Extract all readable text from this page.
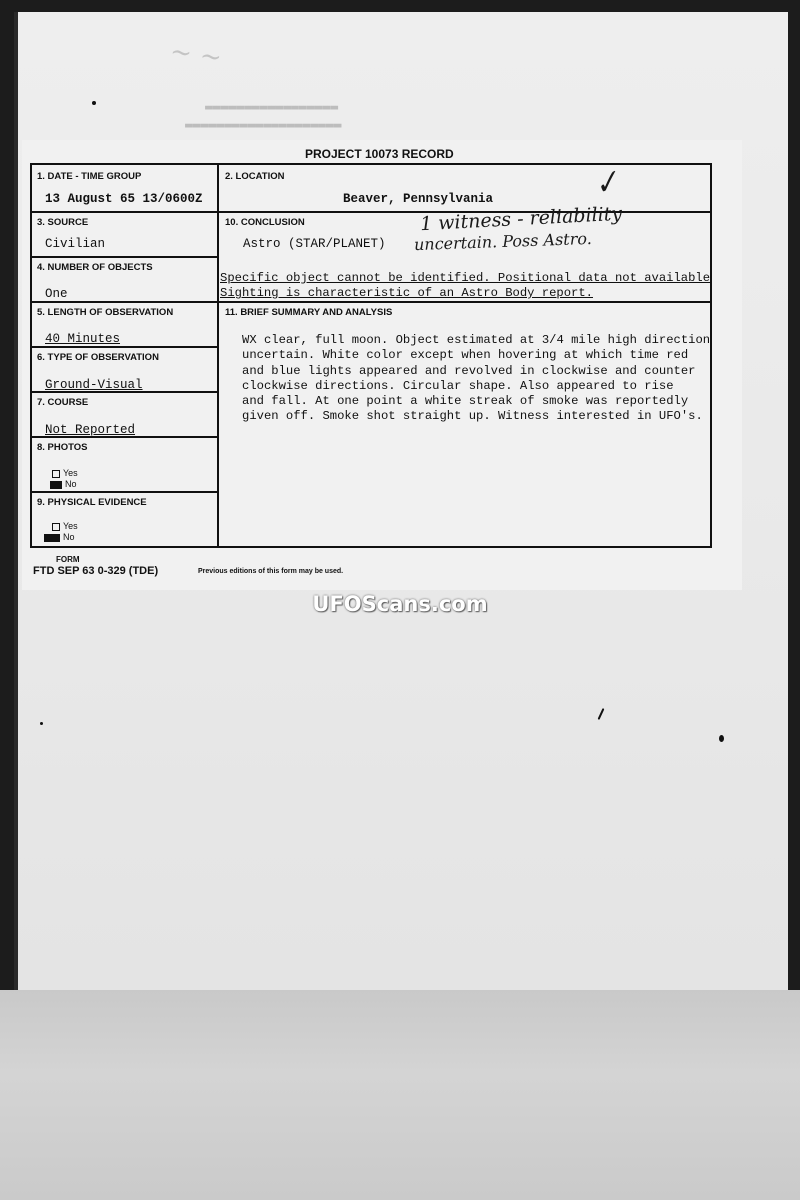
~ ~
▬▬▬▬▬▬▬▬▬▬▬▬▬▬▬▬▬
▬▬▬▬▬▬▬▬▬▬▬▬▬▬▬▬▬▬▬▬
PROJECT 10073 RECORD
1. DATE - TIME GROUP
13 August 65 13/0600Z
2. LOCATION
Beaver, Pennsylvania
3. SOURCE
Civilian
10. CONCLUSION
Astro (STAR/PLANET)
Specific object cannot be identified. Positional data not available
Sighting is characteristic of an Astro Body report.
4. NUMBER OF OBJECTS
One
5. LENGTH OF OBSERVATION
40 Minutes
11. BRIEF SUMMARY AND ANALYSIS
6. TYPE OF OBSERVATION
Ground-Visual
7. COURSE
Not Reported
8. PHOTOS
Yes
No
9. PHYSICAL EVIDENCE
Yes
No
WX clear, full moon. Object estimated at 3/4 mile high direction
uncertain. White color except when hovering at which time red
and blue lights appeared and revolved in clockwise and counter
clockwise directions. Circular shape. Also appeared to rise
and fall. At one point a white streak of smoke was reportedly
given off. Smoke shot straight up. Witness interested in UFO's.
✓
1 witness - reliability
uncertain. Poss Astro.
FORM
FTD SEP 63 0-329 (TDE)	Previous editions of this form may be used.
UFOScans.com
